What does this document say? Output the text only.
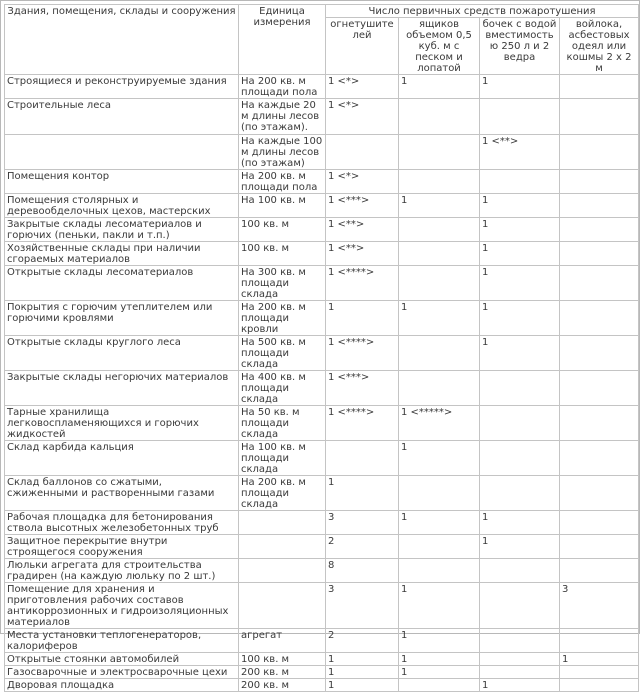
Здания, помещения, склады и сооружения	Единица измерения	Число первичных средств пожаротушения			
		огнетушителей	ящиков объемом 0,5 куб. м с песком и лопатой	бочек с водой вместимостью 250 л и 2 ведра	войлока, асбестовых одеял или кошмы 2 x 2 м
Строящиеся и реконструируемые здания	На 200 кв. м площади пола	1 <*>	1	1	
Строительные леса	На каждые 20 м длины лесов (по этажам).	1 <*>			
	На каждые 100 м длины лесов (по этажам)			1 <**>	
Помещения контор	На 200 кв. м площади пола	1 <*>			
Помещения столярных и деревообделочных цехов, мастерских	На 100 кв. м	1 <***>	1	1	
Закрытые склады лесоматериалов и горючих (пеньки, пакли и т.п.)	100 кв. м	1 <**>		1	
Хозяйственные склады при наличии сгораемых материалов	100 кв. м	1 <**>		1	
Открытые склады лесоматериалов	На 300 кв. м площади склада	1 <****>		1	
Покрытия с горючим утеплителем или горючими кровлями	На 200 кв. м площади кровли	1	1	1	
Открытые склады круглого леса	На 500 кв. м площади склада	1 <****>		1	
Закрытые склады негорючих материалов	На 400 кв. м площади склада	1 <***>			
Тарные хранилища легковоспламеняющихся и горючих жидкостей	На 50 кв. м площади склада	1 <****>	1 <*****>		
Склад карбида кальция	На 100 кв. м площади склада		1		
Склад баллонов со сжатыми, сжиженными и растворенными газами	На 200 кв. м площади склада	1			
Рабочая площадка для бетонирования ствола высотных железобетонных труб		3	1	1	
Защитное перекрытие внутри строящегося сооружения		2		1	
Люльки агрегата для строительства градирен (на каждую люльку по 2 шт.)		8			
Помещение для хранения и приготовления рабочих составов антикоррозионных и гидроизоляционных материалов		3	1		3
Места установки теплогенераторов, калориферов	агрегат	2	1		
Открытые стоянки автомобилей	100 кв. м	1	1		1
Газосварочные и электросварочные цехи	200 кв. м	1	1		
Дворовая площадка	200 кв. м	1		1	
